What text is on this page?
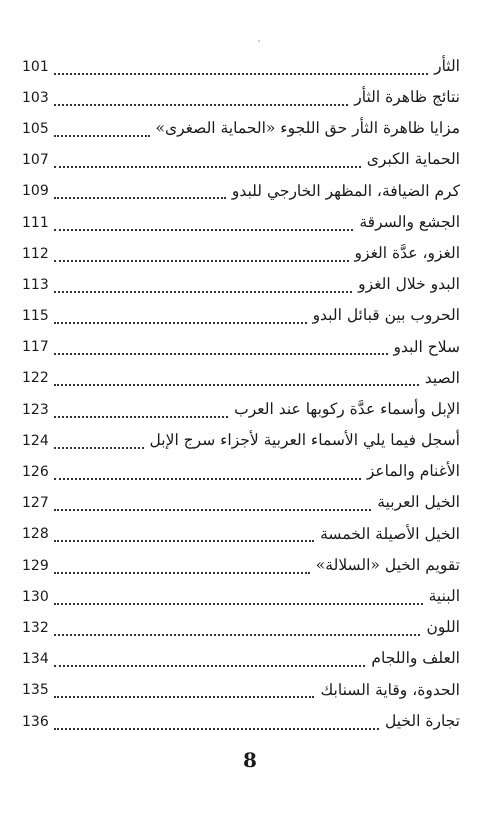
101	الثأر
103	نتائج ظاهرة الثأر
105	مزايا ظاهرة الثأر حق اللجوء «الحماية الصغرى»
107	الحماية الكبرى
109	كرم الضيافة، المظهر الخارجي للبدو
111	الجشع والسرقة
112	الغزو، عدَّة الغزو
113	البدو خلال الغزو
115	الحروب بين قبائل البدو
117	سلاح البدو
122	الصيد
123	الإبل وأسماء عدَّة ركوبها عند العرب
124	أسجل فيما يلي الأسماء العربية لأجزاء سرج الإبل
126	الأغنام والماعز
127	الخيل العربية
128	الخيل الأصيلة الخمسة
129	تقويم الخيل «السلالة»
130	البنية
132	اللون
134	العلف واللجام
135	الحدوة، وقاية السنابك
136	تجارة الخيل
8
